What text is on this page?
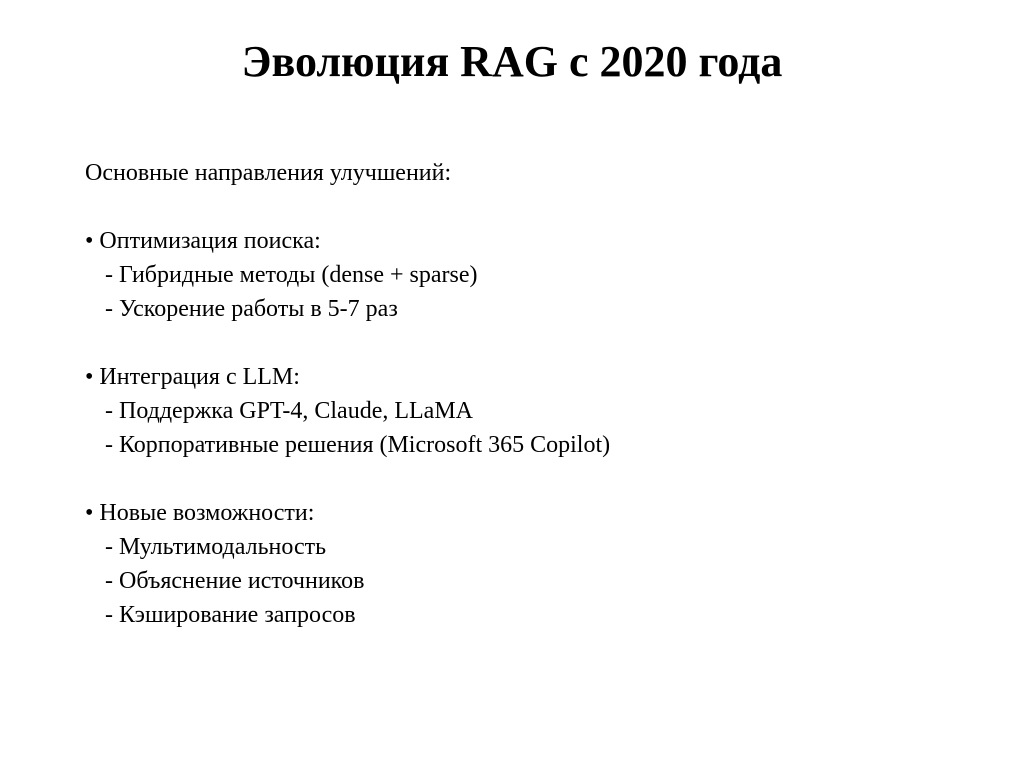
Эволюция RAG с 2020 года
Основные направления улучшений:
• Оптимизация поиска:
- Гибридные методы (dense + sparse)
- Ускорение работы в 5-7 раз
• Интеграция с LLM:
- Поддержка GPT-4, Claude, LLaMA
- Корпоративные решения (Microsoft 365 Copilot)
• Новые возможности:
- Мультимодальность
- Объяснение источников
- Кэширование запросов
